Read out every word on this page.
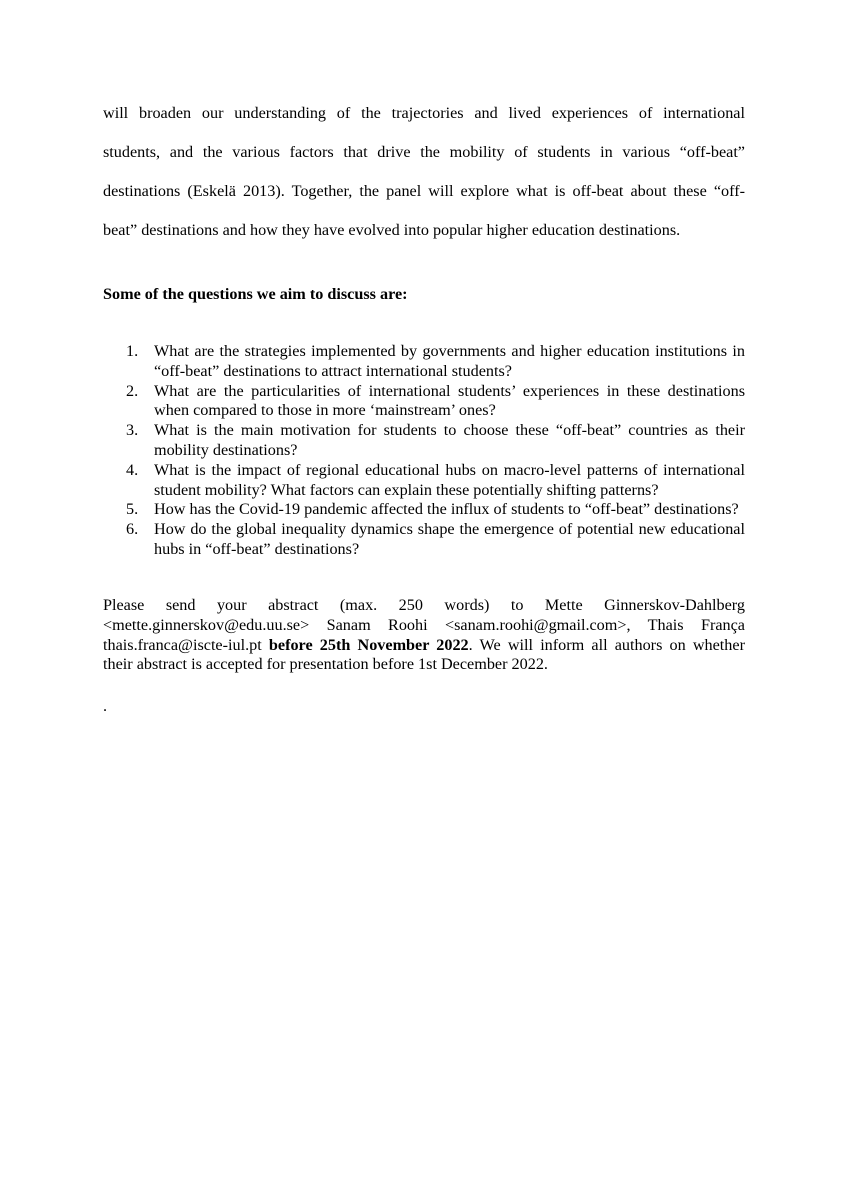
will broaden our understanding of the trajectories and lived experiences of international
students, and the various factors that drive the mobility of students in various “off-beat”
destinations (Eskelä 2013). Together, the panel will explore what is off-beat about these “off-
beat” destinations and how they have evolved into popular higher education destinations.

Some of the questions we aim to discuss are:

1. What are the strategies implemented by governments and higher education institutions in “off-beat” destinations to attract international students?
2. What are the particularities of international students’ experiences in these destinations when compared to those in more ‘mainstream’ ones?
3. What is the main motivation for students to choose these “off-beat” countries as their mobility destinations?
4. What is the impact of regional educational hubs on macro-level patterns of international student mobility? What factors can explain these potentially shifting patterns?
5. How has the Covid-19 pandemic affected the influx of students to “off-beat” destinations?
6. How do the global inequality dynamics shape the emergence of potential new educational hubs in “off-beat” destinations?
Please send your abstract (max. 250 words) to Mette Ginnerskov-Dahlberg
<mette.ginnerskov@edu.uu.se> Sanam Roohi <sanam.roohi@gmail.com>, Thais França
thais.franca@iscte-iul.pt before 25th November 2022. We will inform all authors on whether
their abstract is accepted for presentation before 1st December 2022.
.
